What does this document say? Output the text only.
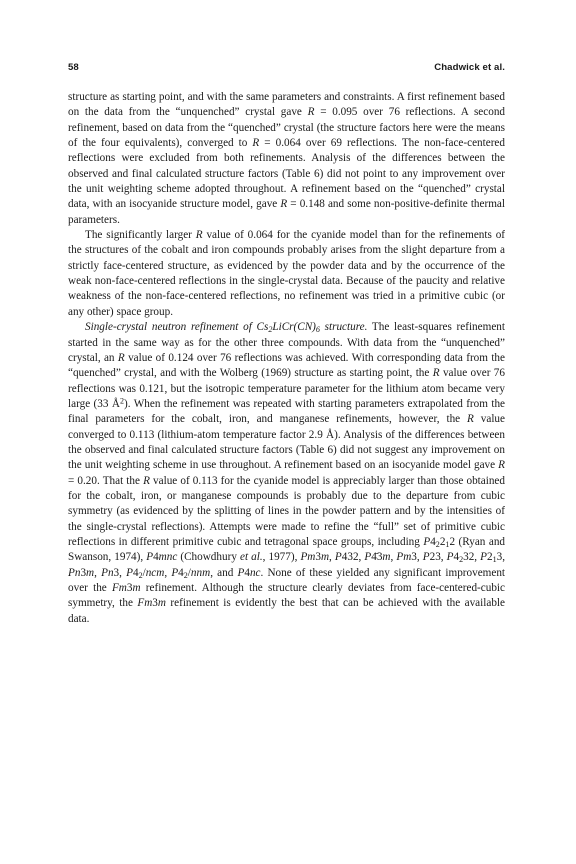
58	Chadwick et al.

structure as starting point, and with the same parameters and constraints. A first refinement based on the data from the “unquenched” crystal gave R = 0.095 over 76 reflections. A second refinement, based on data from the “quenched” crystal (the structure factors here were the means of the four equivalents), converged to R = 0.064 over 69 reflections. The non-face-centered reflections were excluded from both refinements. Analysis of the differences between the observed and final calculated structure factors (Table 6) did not point to any improvement over the unit weighting scheme adopted throughout. A refinement based on the “quenched” crystal data, with an isocyanide structure model, gave R = 0.148 and some non-positive-definite thermal parameters.

The significantly larger R value of 0.064 for the cyanide model than for the refinements of the structures of the cobalt and iron compounds probably arises from the slight departure from a strictly face-centered structure, as evidenced by the powder data and by the occurrence of the weak non-face-centered reflections in the single-crystal data. Because of the paucity and relative weakness of the non-face-centered reflections, no refinement was tried in a primitive cubic (or any other) space group.

Single-crystal neutron refinement of $Cs_2LiCr(CN)_6$ structure. The least-squares refinement started in the same way as for the other three compounds. With data from the “unquenched” crystal, an R value of 0.124 over 76 reflections was achieved. With corresponding data from the “quenched” crystal, and with the Wolberg (1969) structure as starting point, the R value over 76 reflections was 0.121, but the isotropic temperature parameter for the lithium atom became very large (33 $Å^2$). When the refinement was repeated with starting parameters extrapolated from the final parameters for the cobalt, iron, and manganese refinements, however, the R value converged to 0.113 (lithium-atom temperature factor 2.9 Å). Analysis of the differences between the observed and final calculated structure factors (Table 6) did not suggest any improvement on the unit weighting scheme in use throughout. A refinement based on an isocyanide model gave R = 0.20. That the R value of 0.113 for the cyanide model is appreciably larger than those obtained for the cobalt, iron, or manganese compounds is probably due to the departure from cubic symmetry (as evidenced by the splitting of lines in the powder pattern and by the intensities of the single-crystal reflections). Attempts were made to refine the “full” set of primitive cubic reflections in different primitive cubic and tetragonal space groups, including $P4_22_12$ (Ryan and Swanson, 1974), P4mnc (Chowdhury et al., 1977), Pm3m, P432, P4̄3m, Pm3, P23, $P4_232$, $P2_13$, Pn3m, Pn3, $P4_2$/ncm, $P4_2$/nnm, and P4nc. None of these yielded any significant improvement over the Fm3m refinement. Although the structure clearly deviates from face-centered-cubic symmetry, the Fm3m refinement is evidently the best that can be achieved with the available data.
